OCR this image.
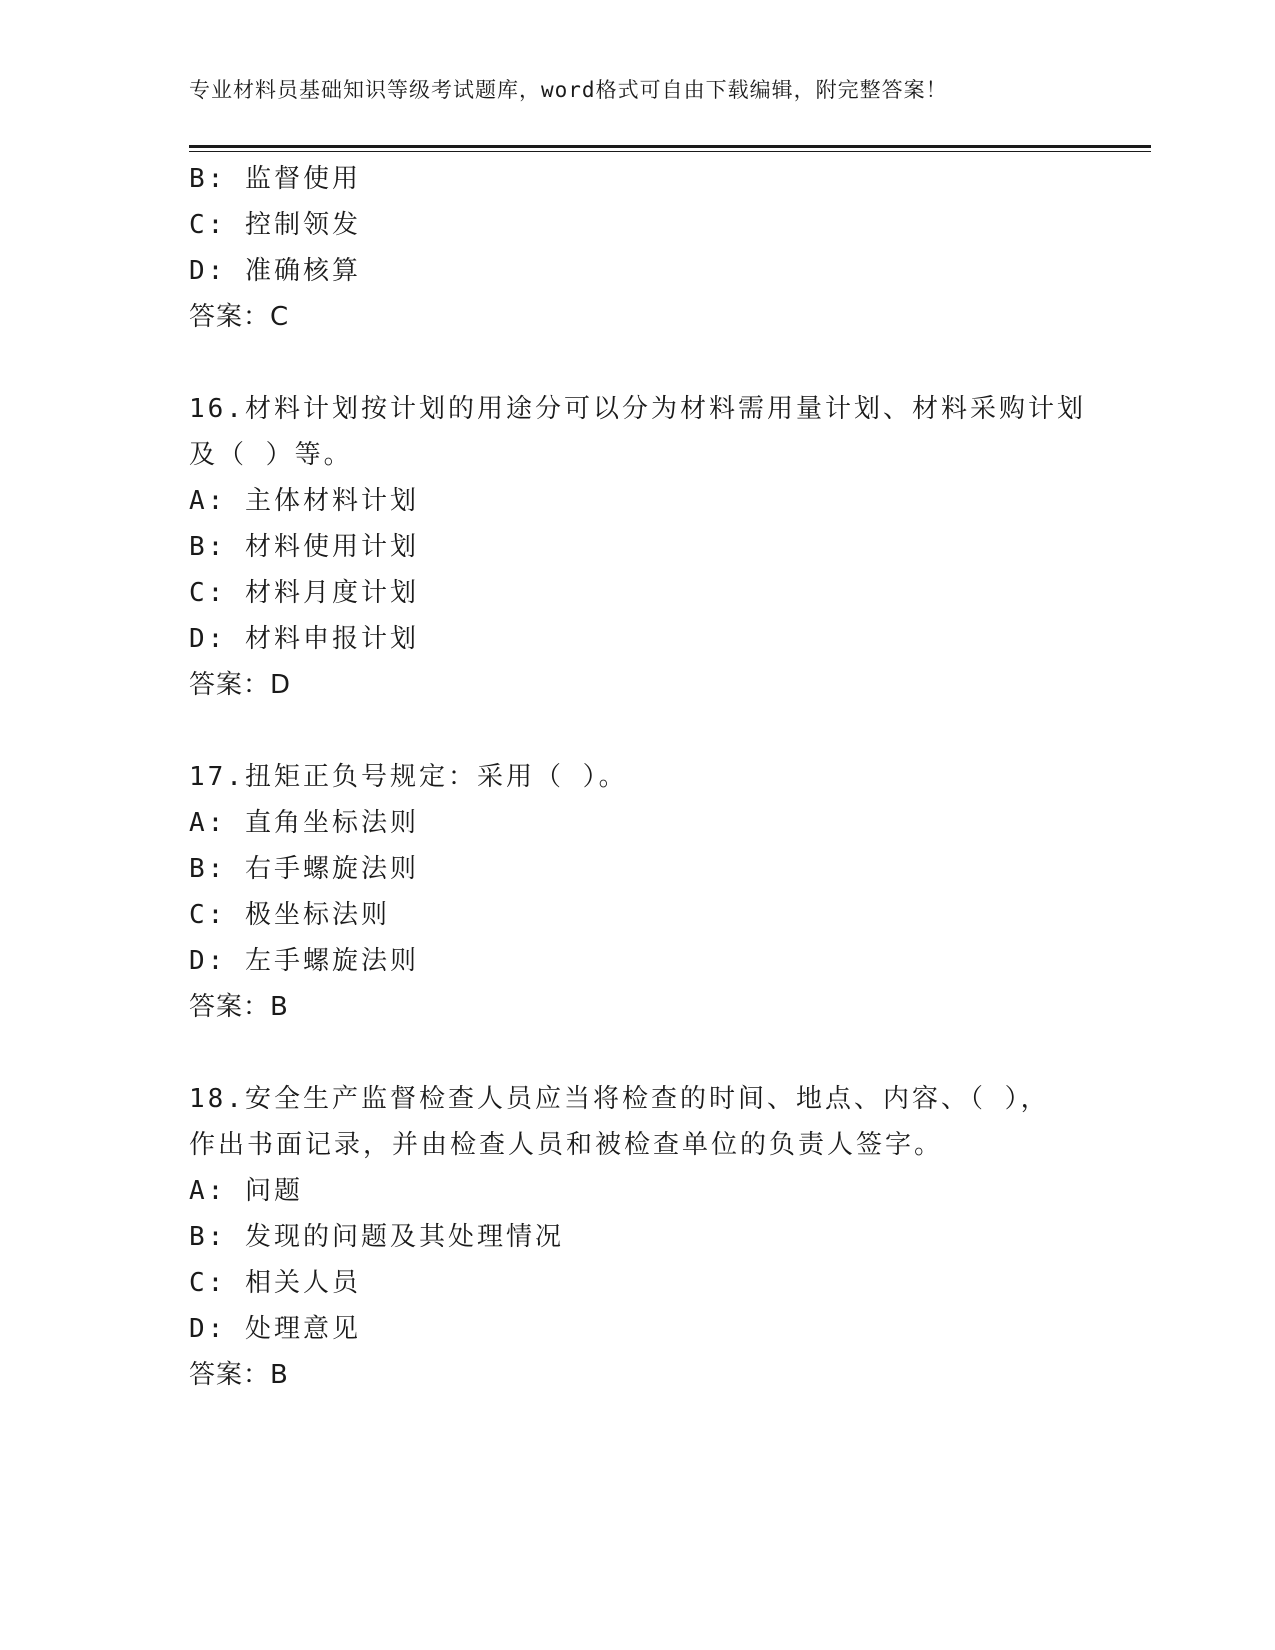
专业材料员基础知识等级考试题库，word格式可自由下载编辑，附完整答案！
B: 监督使用
C: 控制领发
D: 准确核算
答案：C
16.材料计划按计划的用途分可以分为材料需用量计划、材料采购计划
及（ ）等。
A: 主体材料计划
B: 材料使用计划
C: 材料月度计划
D: 材料申报计划
答案：D
17.扭矩正负号规定：采用（ ）。
A: 直角坐标法则
B: 右手螺旋法则
C: 极坐标法则
D: 左手螺旋法则
答案：B
18.安全生产监督检查人员应当将检查的时间、地点、内容、（ ），
作出书面记录，并由检查人员和被检查单位的负责人签字。
A: 问题
B: 发现的问题及其处理情况
C: 相关人员
D: 处理意见
答案：B
